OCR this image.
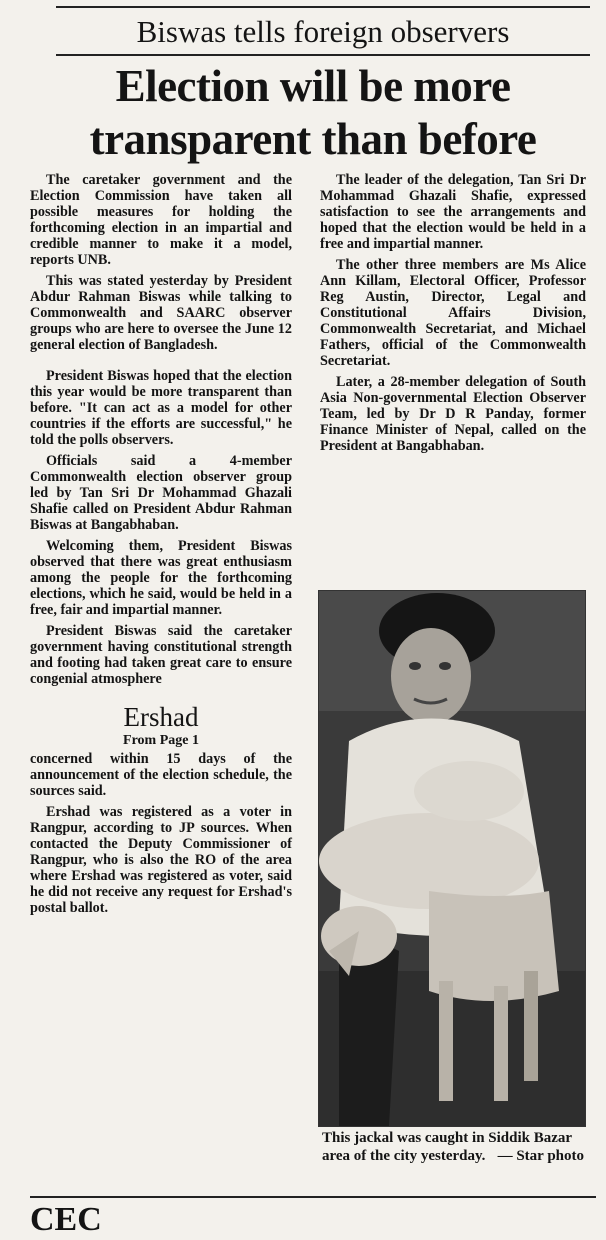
Biswas tells foreign observers
Election will be more
transparent than before

The caretaker government and the Election Commission have taken all possible measures for holding the forthcoming election in an impartial and credible manner to make it a model, reports UNB.

This was stated yesterday by President Abdur Rahman Biswas while talking to Commonwealth and SAARC observer groups who are here to oversee the June 12 general election of Bangladesh.

President Biswas hoped that the election this year would be more transparent than before. "It can act as a model for other countries if the efforts are successful," he told the polls observers.

Officials said a 4-member Commonwealth election observer group led by Tan Sri Dr Mohammad Ghazali Shafie called on President Abdur Rahman Biswas at Bangabhaban.

Welcoming them, President Biswas observed that there was great enthusiasm among the people for the forthcoming elections, which he said, would be held in a free, fair and impartial manner.

President Biswas said the caretaker government having constitutional strength and footing had taken great care to ensure congenial atmosphere

Ershad
From Page 1

concerned within 15 days of the announcement of the election schedule, the sources said.

Ershad was registered as a voter in Rangpur, according to JP sources. When contacted the Deputy Commissioner of Rangpur, who is also the RO of the area where Ershad was registered as voter, said he did not receive any request for Ershad's postal ballot.

The leader of the delegation, Tan Sri Dr Mohammad Ghazali Shafie, expressed satisfaction to see the arrangements and hoped that the election would be held in a free and impartial manner.

The other three members are Ms Alice Ann Killam, Electoral Officer, Professor Reg Austin, Director, Legal and Constitutional Affairs Division, Commonwealth Secretariat, and Michael Fathers, official of the Commonwealth Secretariat.

Later, a 28-member delegation of South Asia Non-governmental Election Observer Team, led by Dr D R Panday, former Finance Minister of Nepal, called on the President at Bangabhaban.

This jackal was caught in Siddik Bazar area of the city yesterday. — Star photo
CEC
